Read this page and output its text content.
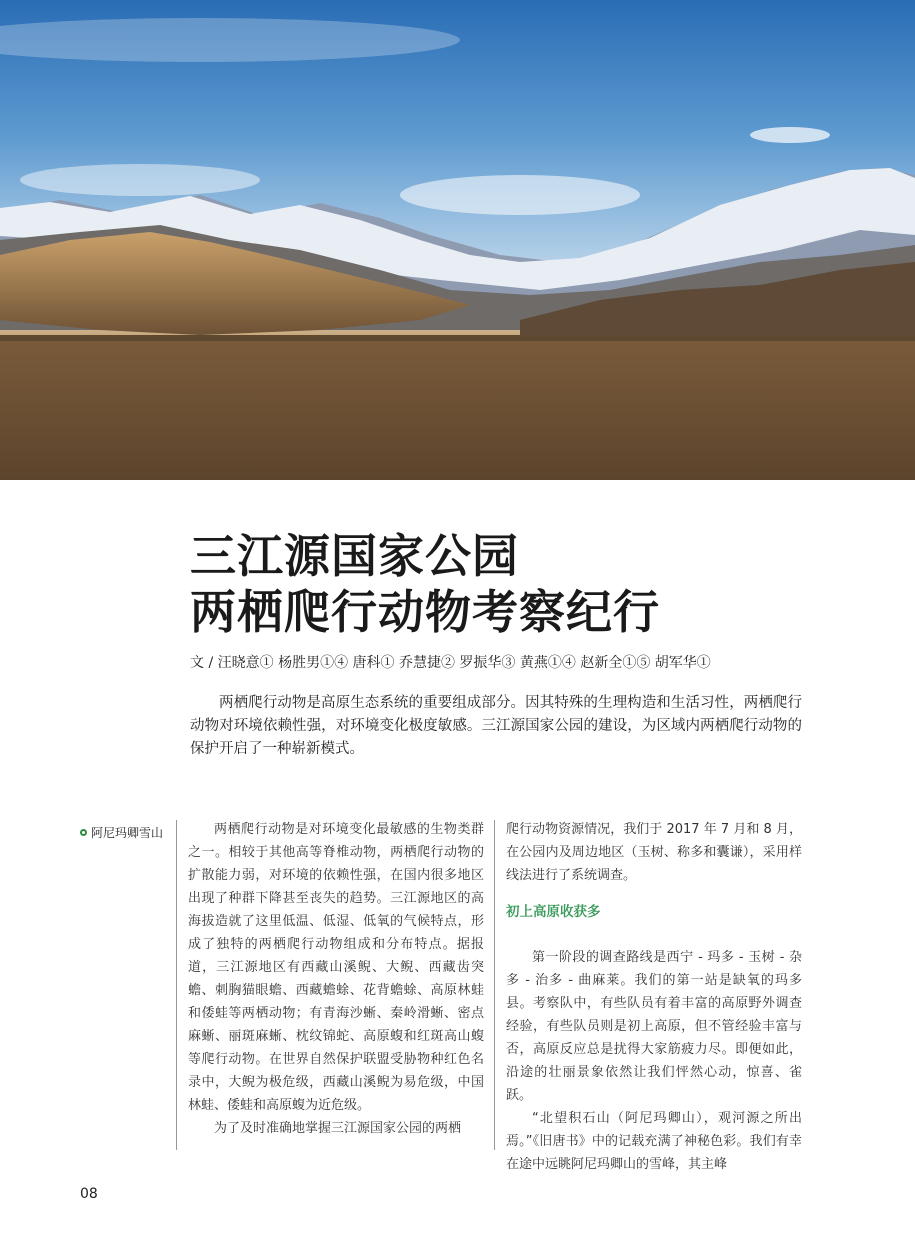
三江源国家公园
两栖爬行动物考察纪行
文 / 汪晓意① 杨胜男①④ 唐科① 乔慧捷② 罗振华③ 黄燕①④ 赵新全①⑤ 胡军华①

两栖爬行动物是高原生态系统的重要组成部分。因其特殊的生理构造和生活习性，两栖爬行动物对环境依赖性强，对环境变化极度敏感。三江源国家公园的建设，为区域内两栖爬行动物的保护开启了一种崭新模式。

阿尼玛卿雪山	两栖爬行动物是对环境变化最敏感的生物类群之一。相较于其他高等脊椎动物，两栖爬行动物的扩散能力弱，对环境的依赖性强，在国内很多地区出现了种群下降甚至丧失的趋势。三江源地区的高海拔造就了这里低温、低湿、低氧的气候特点，形成了独特的两栖爬行动物组成和分布特点。据报道，三江源地区有西藏山溪鲵、大鲵、西藏齿突蟾、刺胸猫眼蟾、西藏蟾蜍、花背蟾蜍、高原林蛙和倭蛙等两栖动物；有青海沙蜥、秦岭滑蜥、密点麻蜥、丽斑麻蜥、枕纹锦蛇、高原蝮和红斑高山蝮等爬行动物。在世界自然保护联盟受胁物种红色名录中，大鲵为极危级，西藏山溪鲵为易危级，中国林蛙、倭蛙和高原蝮为近危级。

为了及时准确地掌握三江源国家公园的两栖

爬行动物资源情况，我们于 2017 年 7 月和 8 月，在公园内及周边地区（玉树、称多和囊谦），采用样线法进行了系统调查。

初上高原收获多

第一阶段的调查路线是西宁 - 玛多 - 玉树 - 杂多 - 治多 - 曲麻莱。我们的第一站是缺氧的玛多县。考察队中，有些队员有着丰富的高原野外调查经验，有些队员则是初上高原，但不管经验丰富与否，高原反应总是扰得大家筋疲力尽。即便如此，沿途的壮丽景象依然让我们怦然心动，惊喜、雀跃。

“北望积石山（阿尼玛卿山），观河源之所出焉。”《旧唐书》中的记载充满了神秘色彩。我们有幸在途中远眺阿尼玛卿山的雪峰，其主峰

08
